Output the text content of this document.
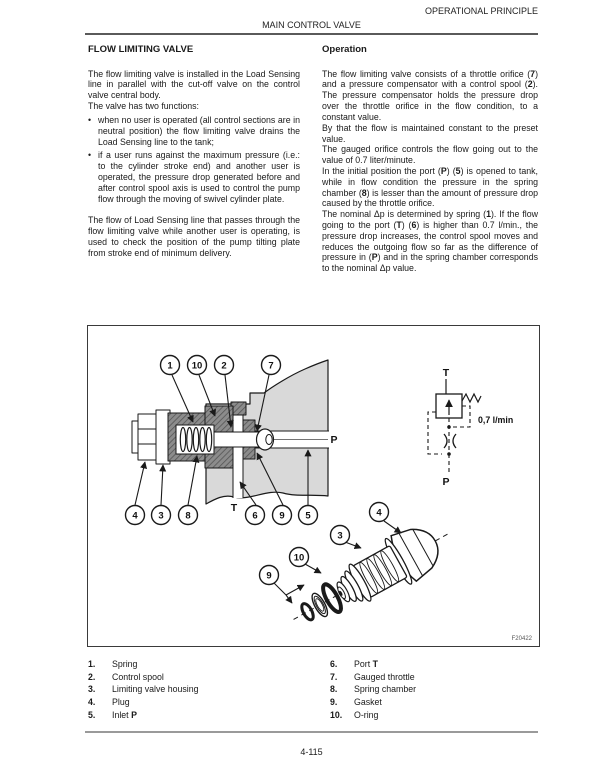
OPERATIONAL PRINCIPLE
MAIN CONTROL VALVE
FLOW LIMITING VALVE

The flow limiting valve is installed in the Load Sensing line in parallel with the cut-off valve on the control valve central body.

The valve has two functions:

• when no user is operated (all control sections are in neutral position) the flow limiting valve drains the Load Sensing line to the tank;
• if a user runs against the maximum pressure (i.e.: to the cylinder stroke end) and another user is operated, the pressure drop generated before and after control spool axis is used to control the pump flow through the moving of swivel cylinder plate.

The flow of Load Sensing line that passes through the flow limiting valve while another user is operating, is used to check the position of the pump tilting plate from stroke end of minimum delivery.

Operation

The flow limiting valve consists of a throttle orifice (7) and a pressure compensator with a control spool (2). The pressure compensator holds the pressure drop over the throttle orifice in the flow condition, to a constant value.

By that the flow is maintained constant to the preset value.

The gauged orifice controls the flow going out to the value of 0.7 liter/minute.

In the initial position the port (P) (5) is opened to tank, while in flow condition the pressure in the spring chamber (8) is lesser than the amount of pressure drop caused by the throttle orifice.

The nominal Δp is determined by spring (1). If the flow going to the port (T) (6) is higher than 0.7 l/min., the pressure drop increases, the control spool moves and reduces the outgoing flow so far as the difference of pressure in (P) and in the spring chamber corresponds to the nominal Δp value.

P
T
T
P
0,7 l/min
1 10 2	7
4 3 8	6 9 5	4
3
10
9
F20422
1.	Spring
2.	Control spool
3.	Limiting valve housing
4.	Plug
5.	Inlet P
6.	Port T
7.	Gauged throttle
8.	Spring chamber
9.	Gasket
10.	O-ring
4-115
